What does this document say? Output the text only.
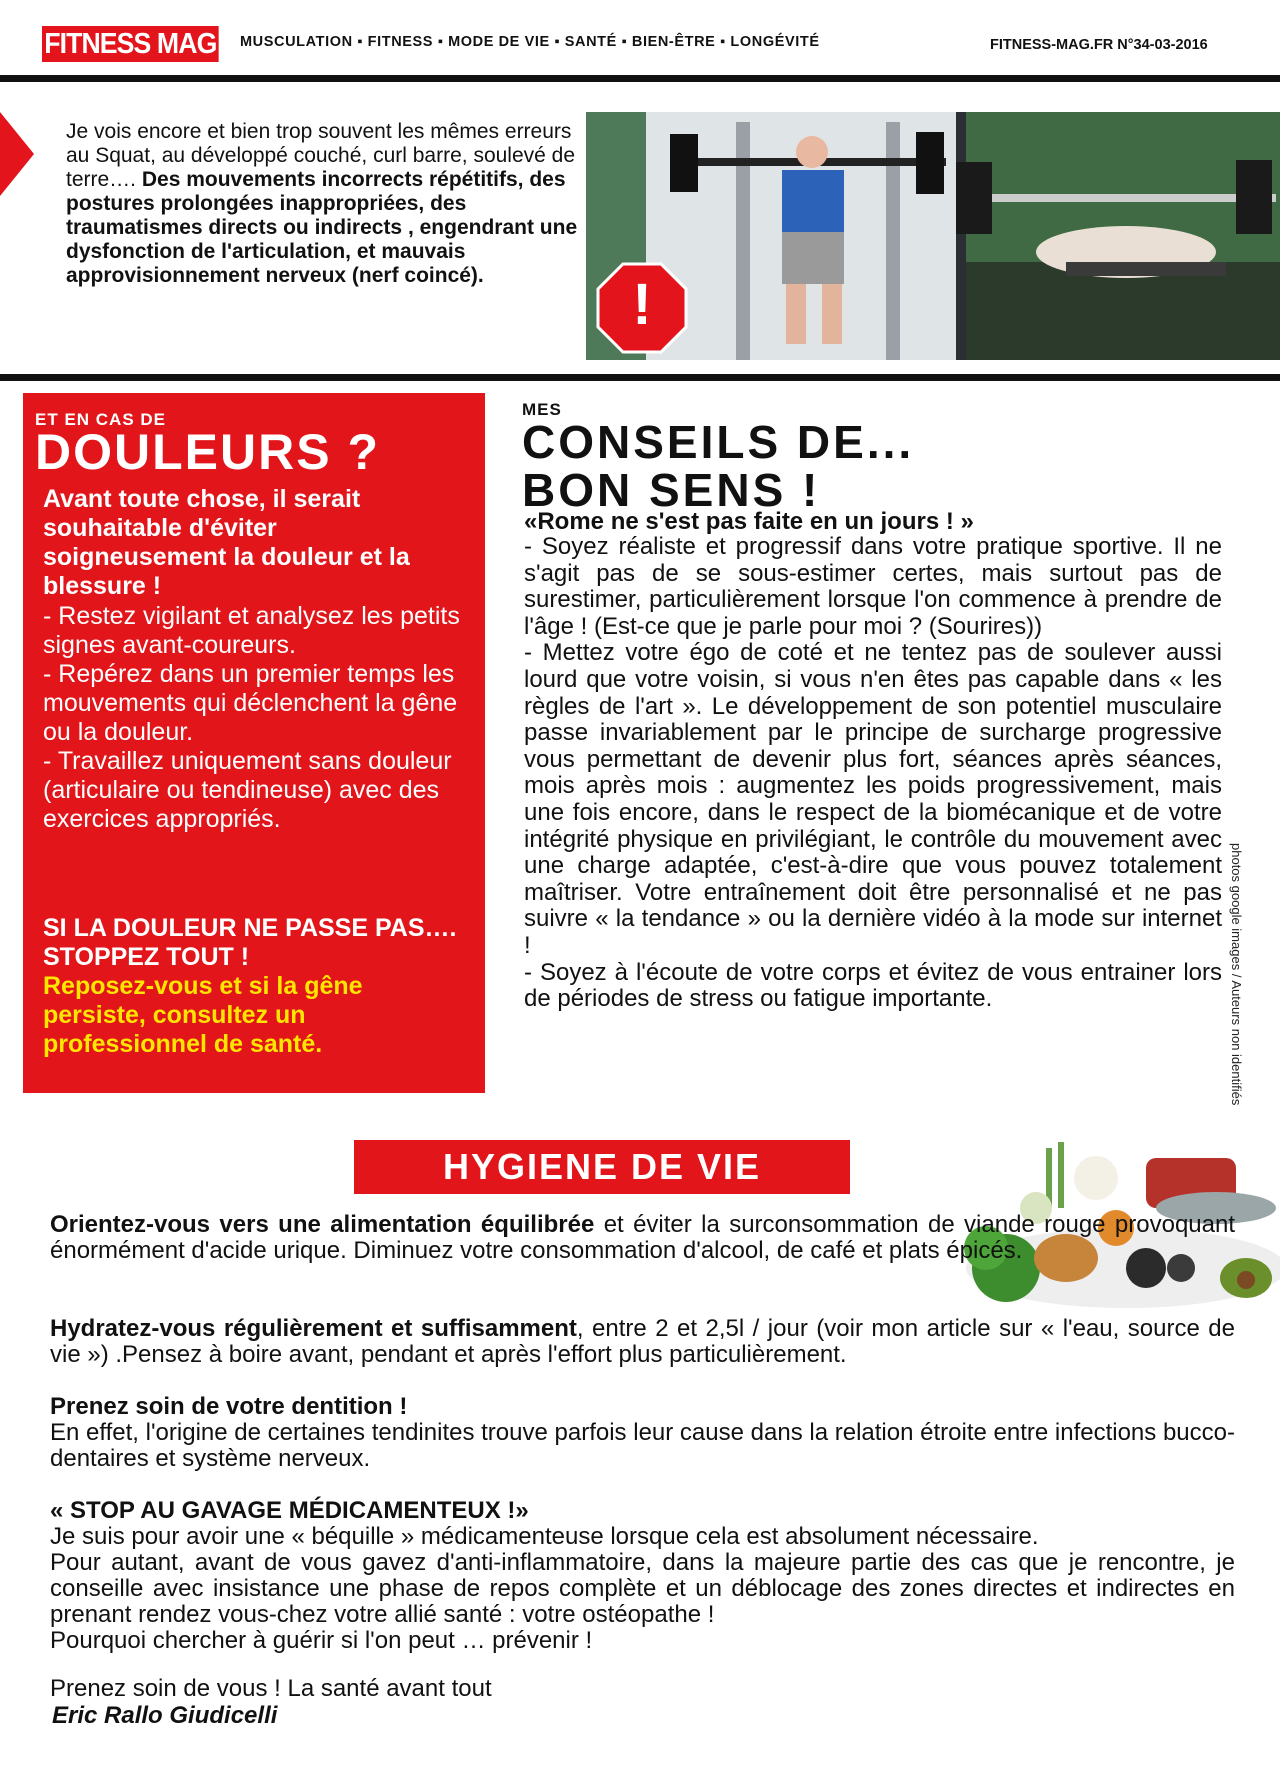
FITNESS MAG MUSCULATION ▪ FITNESS ▪ MODE DE VIE ▪ SANTÉ ▪ BIEN-ÊTRE ▪ LONGÉVITÉ	FITNESS-MAG.FR N°34-03-2016
Je vois encore et bien trop souvent les mêmes erreurs au Squat, au développé couché, curl barre, soulevé de terre…. Des mouvements incorrects répétitifs, des postures prolongées inappropriées, des traumatismes directs ou indirects , engendrant une dysfonction de l'articulation, et mauvais approvisionnement nerveux (nerf coincé).	!
ET EN CAS DE
DOULEURS ?
Avant toute chose, il serait souhaitable d'éviter soigneusement la douleur et la blessure !

- Restez vigilant et analysez les petits signes avant-coureurs.

- Repérez dans un premier temps les mouvements qui déclenchent la gêne ou la douleur.

- Travaillez uniquement sans douleur (articulaire ou tendineuse) avec des exercices appropriés.

SI LA DOULEUR NE PASSE PAS…. STOPPEZ TOUT !
Reposez-vous et si la gêne persiste, consultez un professionnel de santé.
MES
CONSEILS DE...
BON SENS !
«Rome ne s'est pas faite en un jours ! »

- Soyez réaliste et progressif dans votre pratique sportive. Il ne s'agit pas de se sous-estimer certes, mais surtout pas de surestimer, particulièrement lorsque l'on commence à prendre de l'âge ! (Est-ce que je parle pour moi ? (Sourires))

- Mettez votre égo de coté et ne tentez pas de soulever aussi lourd que votre voisin, si vous n'en êtes pas capable dans « les règles de l'art ». Le développement de son potentiel musculaire passe invariablement par le principe de surcharge progressive vous permettant de devenir plus fort, séances après séances, mois après mois : augmentez les poids progressivement, mais une fois encore, dans le respect de la biomécanique et de votre intégrité physique en privilégiant, le contrôle du mouvement avec une charge adaptée, c'est-à-dire que vous pouvez totalement maîtriser. Votre entraînement doit être personnalisé et ne pas suivre « la tendance » ou la dernière vidéo à la mode sur internet !

- Soyez à l'écoute de votre corps et évitez de vous entrainer lors de périodes de stress ou fatigue importante.	photos google images / Auteurs non identifiés
HYGIENE DE VIE

Orientez-vous vers une alimentation équilibrée et éviter la surconsommation de viande rouge provoquant énormément d'acide urique. Diminuez votre consommation d'alcool, de café et plats épicés.

Hydratez-vous régulièrement et suffisamment, entre 2 et 2,5l / jour (voir mon article sur « l'eau, source de vie ») .Pensez à boire avant, pendant et après l'effort plus particulièrement.

Prenez soin de votre dentition !

En effet, l'origine de certaines tendinites trouve parfois leur cause dans la relation étroite entre infections bucco-dentaires et système nerveux.

« STOP AU GAVAGE MÉDICAMENTEUX !»

Je suis pour avoir une « béquille » médicamenteuse lorsque cela est absolument nécessaire.

Pour autant, avant de vous gavez d'anti-inflammatoire, dans la majeure partie des cas que je rencontre, je conseille avec insistance une phase de repos complète et un déblocage des zones directes et indirectes en prenant rendez vous-chez votre allié santé : votre ostéopathe !

Pourquoi chercher à guérir si l'on peut … prévenir !

Prenez soin de vous ! La santé avant tout
Eric Rallo Giudicelli
